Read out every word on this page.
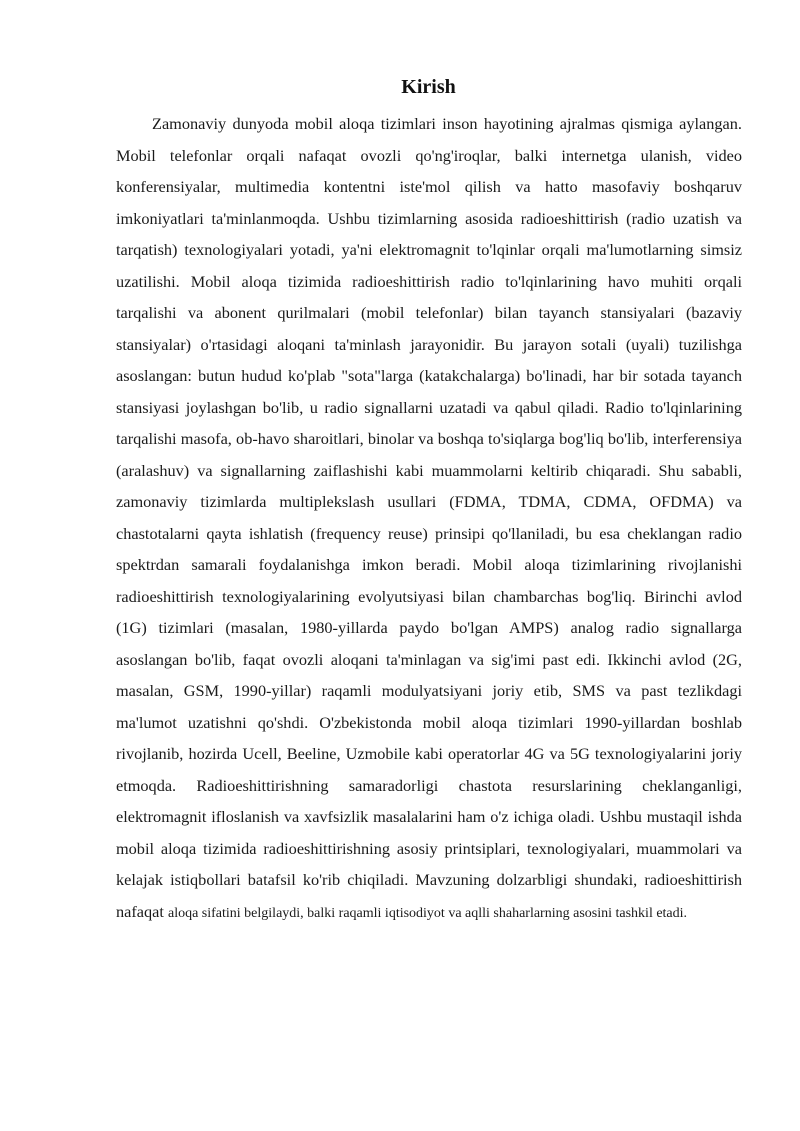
Kirish

Zamonaviy dunyoda mobil aloqa tizimlari inson hayotining ajralmas qismiga aylangan. Mobil telefonlar orqali nafaqat ovozli qo'ng'iroqlar, balki internetga ulanish, video konferensiyalar, multimedia kontentni iste'mol qilish va hatto masofaviy boshqaruv imkoniyatlari ta'minlanmoqda. Ushbu tizimlarning asosida radioeshittirish (radio uzatish va tarqatish) texnologiyalari yotadi, ya'ni elektromagnit to'lqinlar orqali ma'lumotlarning simsiz uzatilishi. Mobil aloqa tizimida radioeshittirish radio to'lqinlarining havo muhiti orqali tarqalishi va abonent qurilmalari (mobil telefonlar) bilan tayanch stansiyalari (bazaviy stansiyalar) o'rtasidagi aloqani ta'minlash jarayonidir. Bu jarayon sotali (uyali) tuzilishga asoslangan: butun hudud ko'plab "sota"larga (katakchalarga) bo'linadi, har bir sotada tayanch stansiyasi joylashgan bo'lib, u radio signallarni uzatadi va qabul qiladi. Radio to'lqinlarining tarqalishi masofa, ob-havo sharoitlari, binolar va boshqa to'siqlarga bog'liq bo'lib, interferensiya (aralashuv) va signallarning zaiflashishi kabi muammolarni keltirib chiqaradi. Shu sababli, zamonaviy tizimlarda multiplekslash usullari (FDMA, TDMA, CDMA, OFDMA) va chastotalarni qayta ishlatish (frequency reuse) prinsipi qo'llaniladi, bu esa cheklangan radio spektrdan samarali foydalanishga imkon beradi. Mobil aloqa tizimlarining rivojlanishi radioeshittirish texnologiyalarining evolyutsiyasi bilan chambarchas bog'liq. Birinchi avlod (1G) tizimlari (masalan, 1980-yillarda paydo bo'lgan AMPS) analog radio signallarga asoslangan bo'lib, faqat ovozli aloqani ta'minlagan va sig'imi past edi. Ikkinchi avlod (2G, masalan, GSM, 1990-yillar) raqamli modulyatsiyani joriy etib, SMS va past tezlikdagi ma'lumot uzatishni qo'shdi. O'zbekistonda mobil aloqa tizimlari 1990-yillardan boshlab rivojlanib, hozirda Ucell, Beeline, Uzmobile kabi operatorlar 4G va 5G texnologiyalarini joriy etmoqda. Radioeshittirishning samaradorligi chastota resurslarining cheklanganligi, elektromagnit ifloslanish va xavfsizlik masalalarini ham o'z ichiga oladi. Ushbu mustaqil ishda mobil aloqa tizimida radioeshittirishning asosiy printsiplari, texnologiyalari, muammolari va kelajak istiqbollari batafsil ko'rib chiqiladi. Mavzuning dolzarbligi shundaki, radioeshittirish nafaqat aloqa sifatini belgilaydi, balki raqamli iqtisodiyot va aqlli shaharlarning asosini tashkil etadi.
